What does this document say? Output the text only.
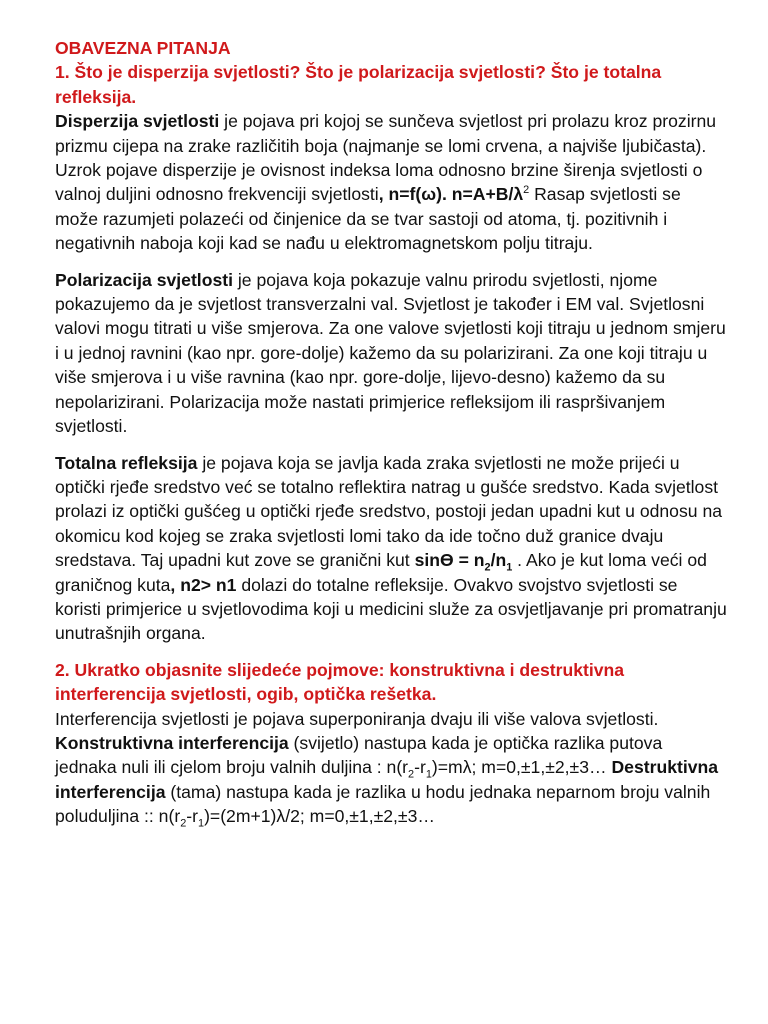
OBAVEZNA PITANJA

1. Što je disperzija svjetlosti? Što je polarizacija svjetlosti? Što je totalna refleksija.

Disperzija svjetlosti je pojava pri kojoj se sunčeva svjetlost pri prolazu kroz prozirnu prizmu cijepa na zrake različitih boja (najmanje se lomi crvena, a najviše ljubičasta). Uzrok pojave disperzije je ovisnost indeksa loma odnosno brzine širenja svjetlosti o valnoj duljini odnosno frekvenciji svjetlosti, n=f(ω). $n=A+B/\lambda^2$ Rasap svjetlosti se može razumjeti polazeći od činjenice da se tvar sastoji od atoma, tj. pozitivnih i negativnih naboja koji kad se nađu u elektromagnetskom polju titraju.

Polarizacija svjetlosti je pojava koja pokazuje valnu prirodu svjetlosti, njome pokazujemo da je svjetlost transverzalni val. Svjetlost je također i EM val. Svjetlosni valovi mogu titrati u više smjerova. Za one valove svjetlosti koji titraju u jednom smjeru i u jednoj ravnini (kao npr. gore-dolje) kažemo da su polarizirani. Za one koji titraju u više smjerova i u više ravnina (kao npr. gore-dolje, lijevo-desno) kažemo da su nepolarizirani. Polarizacija može nastati primjerice refleksijom ili raspršivanjem svjetlosti.

Totalna refleksija je pojava koja se javlja kada zraka svjetlosti ne može prijeći u optički rjeđe sredstvo već se totalno reflektira natrag u gušće sredstvo. Kada svjetlost prolazi iz optički gušćeg u optički rjeđe sredstvo, postoji jedan upadni kut u odnosu na okomicu kod kojeg se zraka svjetlosti lomi tako da ide točno duž granice dvaju sredstava. Taj upadni kut zove se granični kut $\sin ϴ = n_2/n_1$ . Ako je kut loma veći od graničnog kuta, n2> n1 dolazi do totalne refleksije. Ovakvo svojstvo svjetlosti se koristi primjerice u svjetlovodima koji u medicini služe za osvjetljavanje pri promatranju unutrašnjih organa.

2. Ukratko objasnite slijedeće pojmove: konstruktivna i destruktivna interferencija svjetlosti, ogib, optička rešetka.

Interferencija svjetlosti je pojava superponiranja dvaju ili više valova svjetlosti. Konstruktivna interferencija (svijetlo) nastupa kada je optička razlika putova jednaka nuli ili cjelom broju valnih duljina : $n(r_2-r_1)=m\lambda$; m=0,±1,±2,±3… Destruktivna interferencija (tama) nastupa kada je razlika u hodu jednaka neparnom broju valnih poluduljina :: $n(r_2-r_1)=(2m+1)\lambda/2$; m=0,±1,±2,±3…
